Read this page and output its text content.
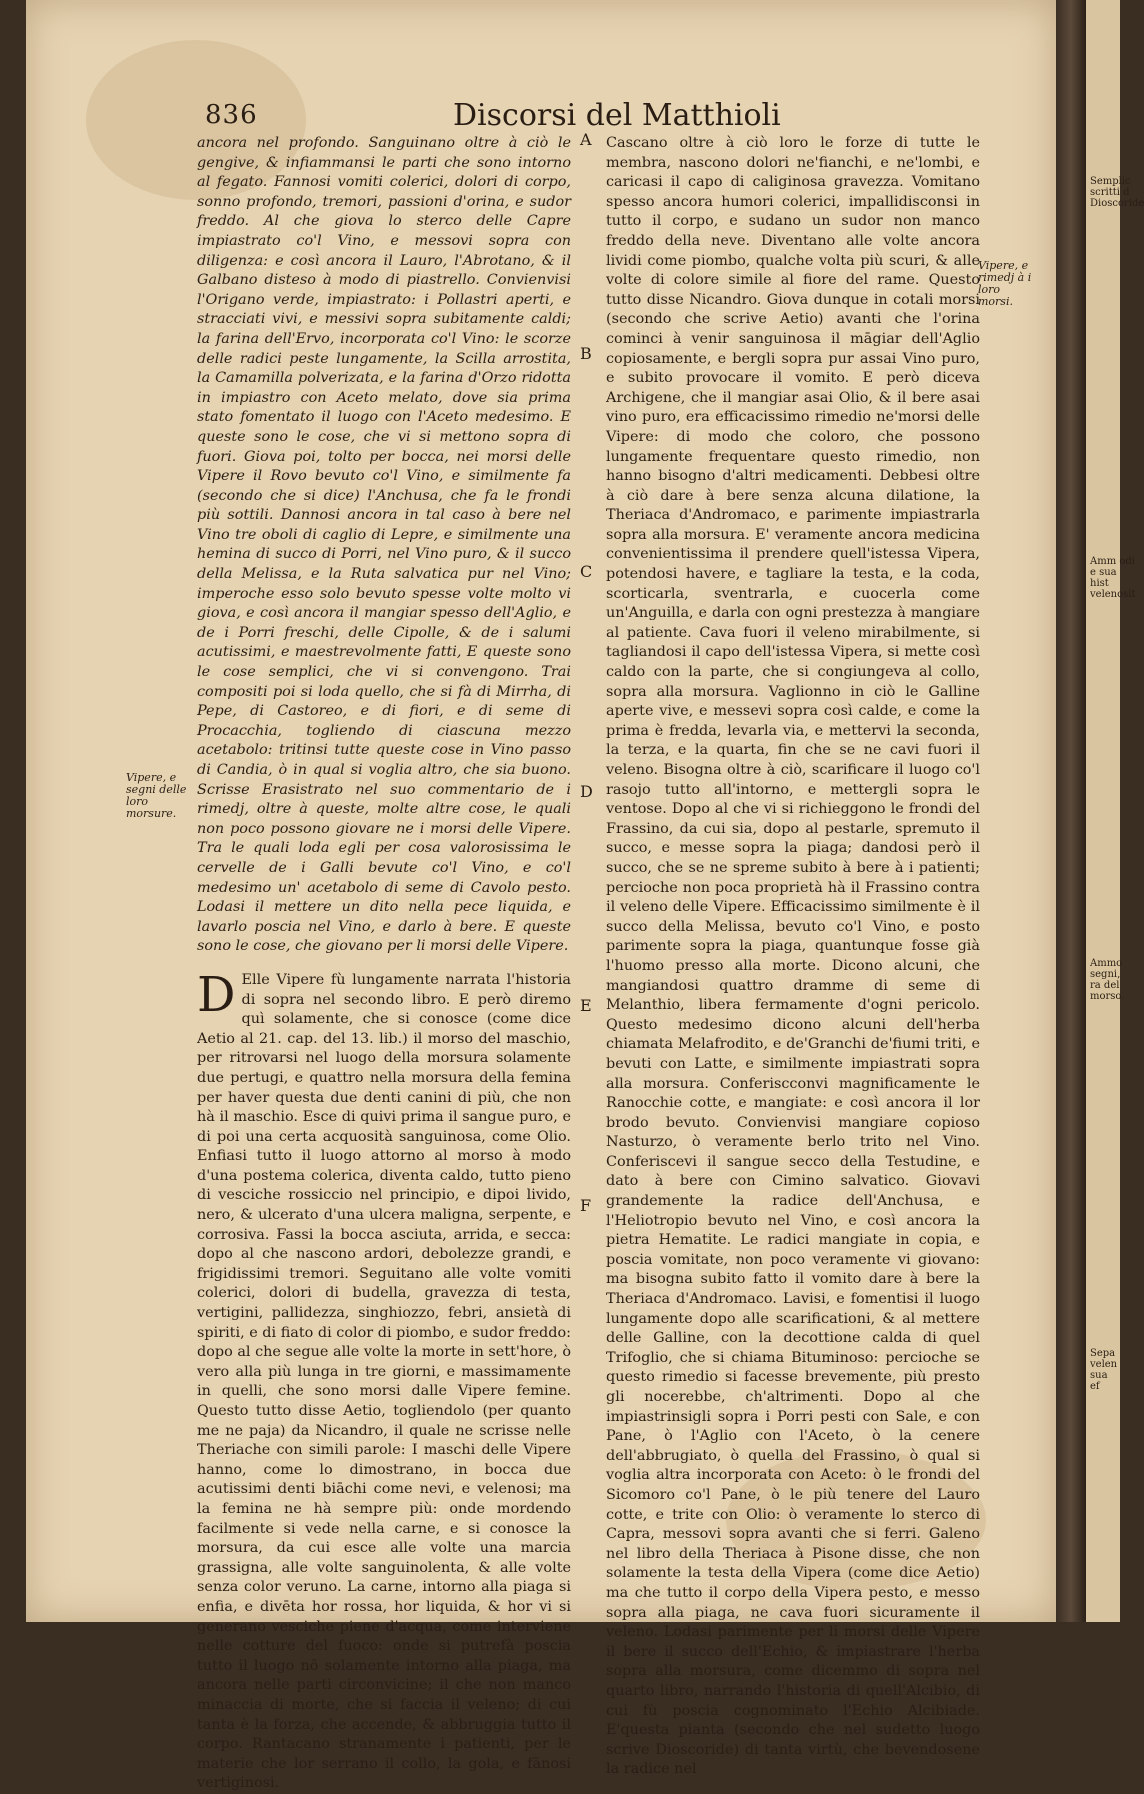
836	Discorsi del Matthioli

ancora nel profondo. Sanguinano oltre à ciò le gengive, & infiammansi le parti che sono intorno al fegato. Fannosi vomiti colerici, dolori di corpo, sonno profondo, tremori, passioni d'orina, e sudor freddo. Al che giova lo sterco delle Capre impiastrato co'l Vino, e messovi sopra con diligenza: e così ancora il Lauro, l'Abrotano, & il Galbano disteso à modo di piastrello. Convienvisi l'Origano verde, impiastrato: i Pollastri aperti, e stracciati vivi, e messivi sopra subitamente caldi; la farina dell'Ervo, incorporata co'l Vino: le scorze delle radici peste lungamente, la Scilla arrostita, la Camamilla polverizata, e la farina d'Orzo ridotta in impiastro con Aceto melato, dove sia prima stato fomentato il luogo con l'Aceto medesimo. E queste sono le cose, che vi si mettono sopra di fuori. Giova poi, tolto per bocca, nei morsi delle Vipere il Rovo bevuto co'l Vino, e similmente fa (secondo che si dice) l'Anchusa, che fa le frondi più sottili. Dannosi ancora in tal caso à bere nel Vino tre oboli di caglio di Lepre, e similmente una hemina di succo di Porri, nel Vino puro, & il succo della Melissa, e la Ruta salvatica pur nel Vino; imperoche esso solo bevuto spesse volte molto vi giova, e così ancora il mangiar spesso dell'Aglio, e de i Porri freschi, delle Cipolle, & de i salumi acutissimi, e maestrevolmente fatti, E queste sono le cose semplici, che vi si convengono. Trai compositi poi si loda quello, che si fà di Mirrha, di Pepe, di Castoreo, e di fiori, e di seme di Procacchia, togliendo di ciascuna mezzo acetabolo: tritinsi tutte queste cose in Vino passo di Candia, ò in qual si voglia altro, che sia buono. Scrisse Erasistrato nel suo commentario de i rimedj, oltre à queste, molte altre cose, le quali non poco possono giovare ne i morsi delle Vipere. Tra le quali loda egli per cosa valorosissima le cervelle de i Galli bevute co'l Vino, e co'l medesimo un' acetabolo di seme di Cavolo pesto. Lodasi il mettere un dito nella pece liquida, e lavarlo poscia nel Vino, e darlo à bere. E queste sono le cose, che giovano per li morsi delle Vipere.

D Elle Vipere fù lungamente narrata l'historia di sopra nel secondo libro. E però diremo quì solamente, che si conosce (come dice Aetio al 21. cap. del 13. lib.) il morso del maschio, per ritrovarsi nel luogo della morsura solamente due pertugi, e quattro nella morsura della femina per haver questa due denti canini di più, che non hà il maschio. Esce di quivi prima il sangue puro, e di poi una certa acquosità sanguinosa, come Olio. Enfiasi tutto il luogo attorno al morso à modo d'una postema colerica, diventa caldo, tutto pieno di vesciche rossiccio nel principio, e dipoi livido, nero, & ulcerato d'una ulcera maligna, serpente, e corrosiva. Fassi la bocca asciuta, arrida, e secca: dopo al che nascono ardori, debolezze grandi, e frigidissimi tremori. Seguitano alle volte vomiti colerici, dolori di budella, gravezza di testa, vertigini, pallidezza, singhiozzo, febri, ansietà di spiriti, e di fiato di color di piombo, e sudor freddo: dopo al che segue alle volte la morte in sett'hore, ò vero alla più lunga in tre giorni, e massimamente in quelli, che sono morsi dalle Vipere femine. Questo tutto disse Aetio, togliendolo (per quanto me ne paja) da Nicandro, il quale ne scrisse nelle Theriache con simili parole: I maschi delle Vipere hanno, come lo dimostrano, in bocca due acutissimi denti biāchi come nevi, e velenosi; ma la femina ne hà sempre più: onde mordendo facilmente si vede nella carne, e si conosce la morsura, da cui esce alle volte una marcia grassigna, alle volte sanguinolenta, & alle volte senza color veruno. La carne, intorno alla piaga si enfia, e divēta hor rossa, hor liquida, & hor vi si generano vesciche piene d'acqua, come interviene nelle cotture del fuoco: onde si putrefà poscia tutto il luogo nō solamente intorno alla piaga, ma ancora nelle parti circonvicine; il che non manco minaccia di morte, che si faccia il veleno; di cui tanta è la forza, che accende, & abbruggia tutto il corpo. Rantacano stranamente i patienti, per le materie che lor serrano il collo, la gola, e fānosi vertiginosi.

Cascano oltre à ciò loro le forze di tutte le membra, nascono dolori ne'fianchi, e ne'lombi, e caricasi il capo di caliginosa gravezza. Vomitano spesso ancora humori colerici, impallidisconsi in tutto il corpo, e sudano un sudor non manco freddo della neve. Diventano alle volte ancora lividi come piombo, qualche volta più scuri, & alle volte di colore simile al fiore del rame. Questo tutto disse Nicandro. Giova dunque in cotali morsi (secondo che scrive Aetio) avanti che l'orina cominci à venir sanguinosa il māgiar dell'Aglio copiosamente, e bergli sopra pur assai Vino puro, e subito provocare il vomito. E però diceva Archigene, che il mangiar asai Olio, & il bere asai vino puro, era efficacissimo rimedio ne'morsi delle Vipere: di modo che coloro, che possono lungamente frequentare questo rimedio, non hanno bisogno d'altri medicamenti. Debbesi oltre à ciò dare à bere senza alcuna dilatione, la Theriaca d'Andromaco, e parimente impiastrarla sopra alla morsura. E' veramente ancora medicina convenientissima il prendere quell'istessa Vipera, potendosi havere, e tagliare la testa, e la coda, scorticarla, sventrarla, e cuocerla come un'Anguilla, e darla con ogni prestezza à mangiare al patiente. Cava fuori il veleno mirabilmente, si tagliandosi il capo dell'istessa Vipera, si mette così caldo con la parte, che si congiungeva al collo, sopra alla morsura. Vaglionno in ciò le Galline aperte vive, e messevi sopra così calde, e come la prima è fredda, levarla via, e mettervi la seconda, la terza, e la quarta, fin che se ne cavi fuori il veleno. Bisogna oltre à ciò, scarificare il luogo co'l rasojo tutto all'intorno, e mettergli sopra le ventose. Dopo al che vi si richieggono le frondi del Frassino, da cui sia, dopo al pestarle, spremuto il succo, e messe sopra la piaga; dandosi però il succo, che se ne spreme subito à bere à i patienti; percioche non poca proprietà hà il Frassino contra il veleno delle Vipere. Efficacissimo similmente è il succo della Melissa, bevuto co'l Vino, e posto parimente sopra la piaga, quantunque fosse già l'huomo presso alla morte. Dicono alcuni, che mangiandosi quattro dramme di seme di Melanthio, libera fermamente d'ogni pericolo. Questo medesimo dicono alcuni dell'herba chiamata Melafrodito, e de'Granchi de'fiumi triti, e bevuti con Latte, e similmente impiastrati sopra alla morsura. Conferiscconvi magnificamente le Ranocchie cotte, e mangiate: e così ancora il lor brodo bevuto. Convienvisi mangiare copioso Nasturzo, ò veramente berlo trito nel Vino. Conferiscevi il sangue secco della Testudine, e dato à bere con Cimino salvatico. Giovavi grandemente la radice dell'Anchusa, e l'Heliotropio bevuto nel Vino, e così ancora la pietra Hematite. Le radici mangiate in copia, e poscia vomitate, non poco veramente vi giovano: ma bisogna subito fatto il vomito dare à bere la Theriaca d'Andromaco. Lavisi, e fomentisi il luogo lungamente dopo alle scarificationi, & al mettere delle Galline, con la decottione calda di quel Trifoglio, che si chiama Bituminoso: percioche se questo rimedio si facesse brevemente, più presto gli nocerebbe, ch'altrimenti. Dopo al che impiastrinsigli sopra i Porri pesti con Sale, e con Pane, ò l'Aglio con l'Aceto, ò la cenere dell'abbrugiato, ò quella del Frassino, ò qual si voglia altra incorporata con Aceto: ò le frondi del Sicomoro co'l Pane, ò le più tenere del Lauro cotte, e trite con Olio: ò veramente lo sterco di Capra, messovi sopra avanti che si ferri. Galeno nel libro della Theriaca à Pisone disse, che non solamente la testa della Vipera (come dice Aetio) ma che tutto il corpo della Vipera pesto, e messo sopra alla piaga, ne cava fuori sicuramente il veleno. Lodasi parimente per li morsi delle Vipere il bere il succo dell'Echio, & impiastrare l'herba sopra alla morsura, come dicemmo di sopra nel quarto libro, narrando l'historia di quell'Alcibio, di cui fù poscia cognominato l'Echio Alcibiade. E'questa pianta (secondo che nel sudetto luogo scrive Dioscoride) di tanta virtù, che bevendosene la radice nel

Vipere, e segni delle loro morsure.
Vipere, e rimedj à i loro morsi.
A
B
C
D
E
F
Semplic scritti d Dioscoride
Amm odi e sua hist velenosit
Ammo segni, ra del morso.
Sepa velen sua ef
